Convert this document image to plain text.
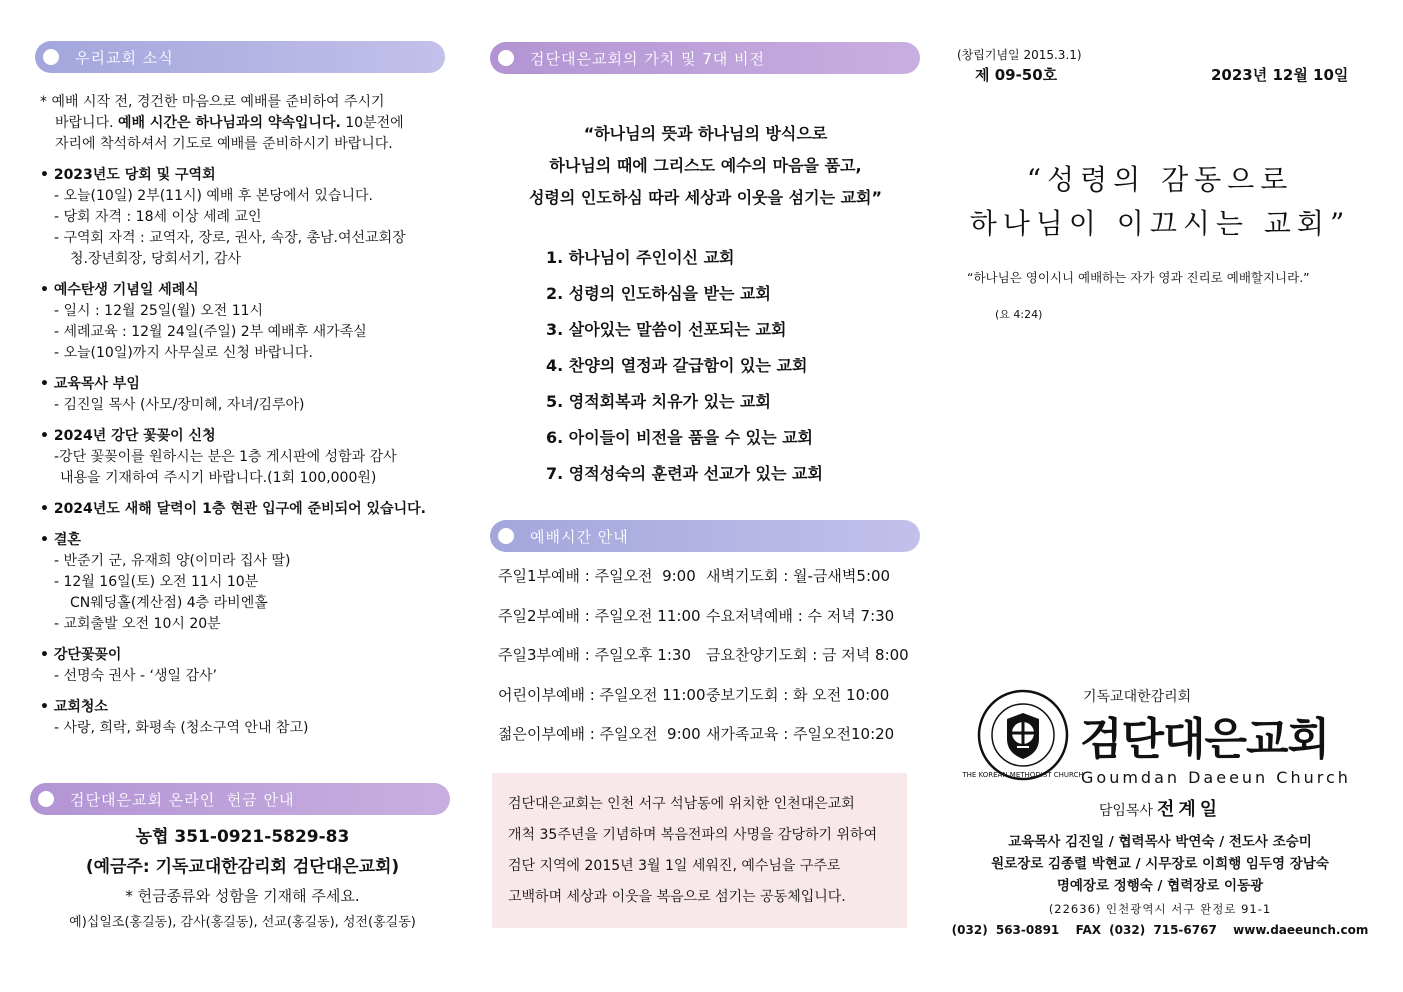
우리교회 소식
* 예배 시작 전, 경건한 마음으로 예배를 준비하여 주시기
바랍니다. 예배 시간은 하나님과의 약속입니다. 10분전에
자리에 착석하셔서 기도로 예배를 준비하시기 바랍니다.
• 2023년도 당회 및 구역회
- 오늘(10일) 2부(11시) 예배 후 본당에서 있습니다.
- 당회 자격 : 18세 이상 세례 교인
- 구역회 자격 : 교역자, 장로, 권사, 속장, 총남.여선교회장
청.장년회장, 당회서기, 감사
• 예수탄생 기념일 세례식
- 일시 : 12월 25일(월) 오전 11시
- 세례교육 : 12월 24일(주일) 2부 예배후 새가족실
- 오늘(10일)까지 사무실로 신청 바랍니다.
• 교육목사 부임
- 김진일 목사 (사모/장미혜, 자녀/김루아)
• 2024년 강단 꽃꽂이 신청
-강단 꽃꽂이를 원하시는 분은 1층 게시판에 성함과 감사
내용을 기재하여 주시기 바랍니다.(1회 100,000원)
• 2024년도 새해 달력이 1층 현관 입구에 준비되어 있습니다.
• 결혼
- 반준기 군, 유재희 양(이미라 집사 딸)
- 12월 16일(토) 오전 11시 10분
CN웨딩홀(계산점) 4층 라비엔홀
- 교회출발 오전 10시 20분
• 강단꽃꽂이
- 선명숙 권사 - ‘생일 감사’
• 교회청소
- 사랑, 희락, 화평속 (청소구역 안내 참고)
검단대은교회 온라인  헌금 안내
농협 351-0921-5829-83
(예금주: 기독교대한감리회 검단대은교회)
* 헌금종류와 성함을 기재해 주세요.
예)십일조(홍길동), 감사(홍길동), 선교(홍길동), 성전(홍길동)
검단대은교회의 가치 및 7대 비전
“하나님의 뜻과 하나님의 방식으로
하나님의 때에 그리스도 예수의 마음을 품고,
성령의 인도하심 따라 세상과 이웃을 섬기는 교회”
1. 하나님이 주인이신 교회
2. 성령의 인도하심을 받는 교회
3. 살아있는 말씀이 선포되는 교회
4. 찬양의 열정과 갈급함이 있는 교회
5. 영적회복과 치유가 있는 교회
6. 아이들이 비전을 품을 수 있는 교회
7. 영적성숙의 훈련과 선교가 있는 교회
예배시간 안내
주일1부예배 : 주일오전  9:00 새벽기도회 : 월-금새벽5:00
주일2부예배 : 주일오전 11:00 수요저녁예배 : 수 저녁 7:30
주일3부예배 : 주일오후 1:30	금요찬양기도회 : 금 저녁 8:00
어린이부예배 : 주일오전 11:00 중보기도회 : 화 오전 10:00
젊은이부예배 : 주일오전  9:00 새가족교육 : 주일오전10:20
검단대은교회는 인천 서구 석남동에 위치한 인천대은교회
개척 35주년을 기념하며 복음전파의 사명을 감당하기 위하여
검단 지역에 2015년 3월 1일 세워진, 예수님을 구주로
고백하며 세상과 이웃을 복음으로 섬기는 공동체입니다.
(창립기념일 2015.3.1)
제 09-50호	2023년 12월 10일
“성령의 감동으로
하나님이 이끄시는 교회”
“하나님은 영이시니 예배하는 자가 영과 진리로 예배할지니라.”
(요 4:24)
THE KOREAN METHODIST CHURCH
기독교대한감리회
검단대은교회
Goumdan Daeeun Church
담임목사 전계일
교육목사 김진일 / 협력목사 박연숙 / 전도사 조승미
원로장로 김종렬 박현교 / 시무장로 이희행 임두영 장남숙
명예장로 정행숙 / 협력장로 이동광
(22636) 인천광역시 서구 완정로 91-1
(032) 563-0891  FAX (032) 715-6767  www.daeeunch.com
